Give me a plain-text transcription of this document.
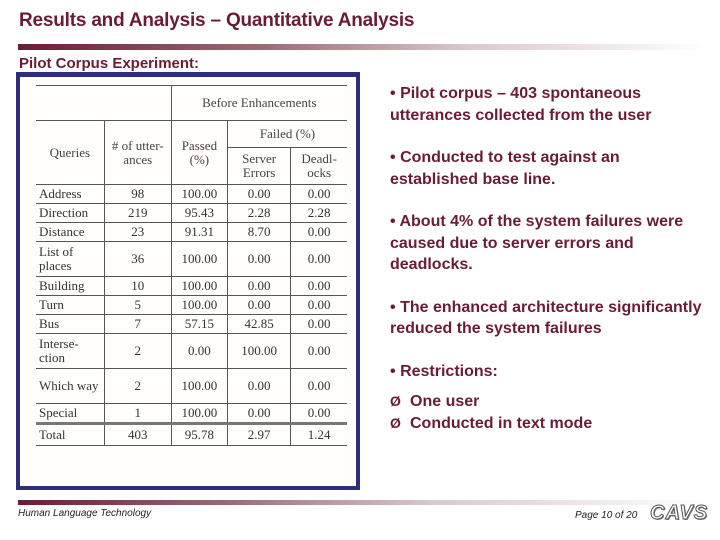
Results and Analysis – Quantitative Analysis
Pilot Corpus Experiment:
		Before Enhancements		
Queries	# of utter-ances	Passed (%)	Failed (%)	
			Server Errors	Deadl-ocks
Address	98	100.00	0.00	0.00
Direction	219	95.43	2.28	2.28
Distance	23	91.31	8.70	0.00
List of places	36	100.00	0.00	0.00
Building	10	100.00	0.00	0.00
Turn	5	100.00	0.00	0.00
Bus	7	57.15	42.85	0.00
Interse-ction	2	0.00	100.00	0.00
Which way	2	100.00	0.00	0.00
Special	1	100.00	0.00	0.00
Total	403	95.78	2.97	1.24
• Pilot corpus – 403 spontaneous utterances collected from the user
• Conducted to test against an established base line.
• About 4% of the system failures were caused due to server errors and deadlocks.
• The enhanced architecture significantly reduced the system failures
• Restrictions:
Ø One user
Ø Conducted in text mode
Human Language Technology	Page 10 of 20 CAVS
